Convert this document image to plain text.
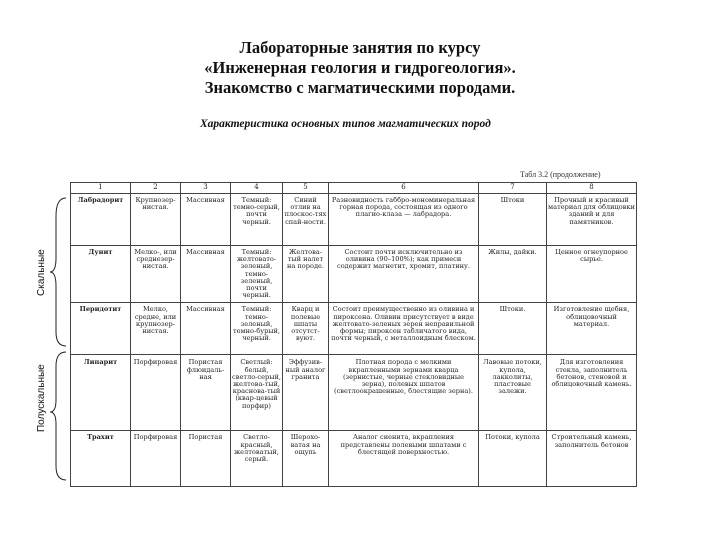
Лабораторные занятия по курсу
«Инженерная геология и гидрогеология».
Знакомство с магматическими породами.
Характеристика основных типов магматических пород
Табл 3.2 (продолжение)
Скальные
Полускальные
1	2	3	4	5	6	7	8
Лабрадорит	Крупнозер-нистая.	Массивная	Темный: темно-серый, почти черный.	Синий отлив на плоскос-тях спай-ности.	Разновидность габбро-мономинеральная горная порода, состоящая из одного плагио-клаза — лабрадора.	Штоки	Прочный и красивый материал для облицовки зданий и для памятников.
Дунит	Мелко-, или среднезер-нистая.	Массивная	Темный: желтовато-зеленый, темно-зеленый, почти черный.	Желтова-тый налет на породе.	Состоит почти исключительно из оливина (90–100%); как примеси содержит магнетит, хромит, платину.	Жилы, дайки.	Ценное огнеупорное сырье.
Перидотит	Мелко, средне, или крупнозер-нистая.	Массивная	Темный: темно-зеленый, темно-бурый, черный.	Кварц и полевые шпаты отсутст-вуют.	Состоит преимущественно из оливина и пироксена. Оливин присутствует в виде желтовато-зеленых зерен неправильной формы; пироксен табличатого вида, почти черный, с металлоидным блеском.	Штоки.	Изготовление щебня, облицовочный материал.
Липарит	Порфировая	Пористая флюидаль-ная	Светлый: белый, светло-серый, желтова-тый, краснова-тый (квар-цевый порфир)	Эффузив-ный аналог гранита	Плотная порода с мелкими вкрапленными зернами кварца (зернистые, черные стекловидные зерна), полевых шпатов (светлоокрашенные, блестящие зерна).	Лавовые потоки, купола, лакколиты, пластовые залежи.	Для изготовления стекла, заполнитель бетонов, стеновой и облицовочный камень.
Трахит	Порфировая	Пористая	Светло-красный, желтоватый, серый.	Шерохо-ватая на ощупь	Аналог сиенита, вкрапления представлены полевыми шпатами с блестящей поверхностью.	Потоки, купола	Строительный камень, заполнитель бетонов
